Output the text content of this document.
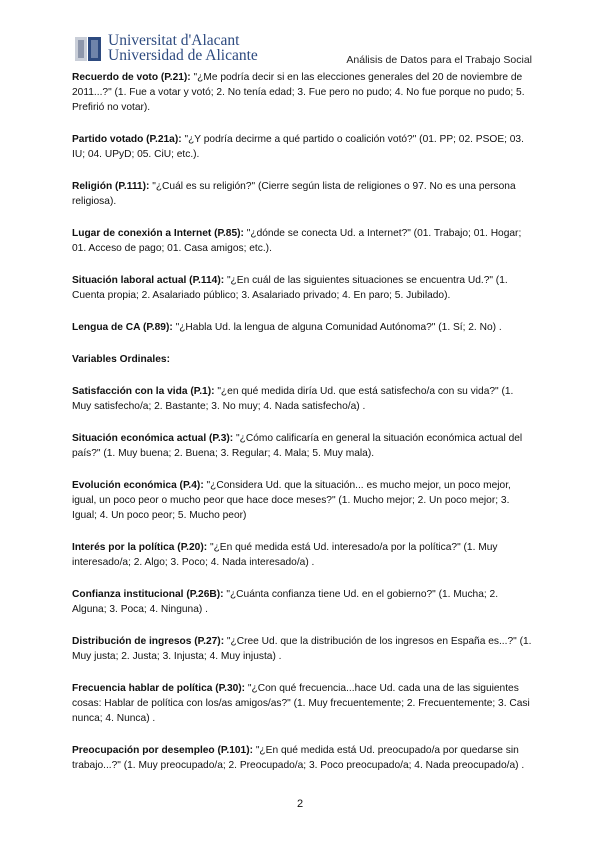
Universitat d'Alacant
Universidad de Alicante	Análisis de Datos para el Trabajo Social

Recuerdo de voto (P.21): "¿Me podría decir si en las elecciones generales del 20 de noviembre de 2011...?" (1. Fue a votar y votó; 2. No tenía edad; 3. Fue pero no pudo; 4. No fue porque no pudo; 5. Prefirió no votar).

Partido votado (P.21a): "¿Y podría decirme a qué partido o coalición votó?" (01. PP; 02. PSOE; 03. IU; 04. UPyD; 05. CiU; etc.).

Religión (P.111): "¿Cuál es su religión?" (Cierre según lista de religiones o 97. No es una persona religiosa).

Lugar de conexión a Internet (P.85): "¿dónde se conecta Ud. a Internet?" (01. Trabajo; 01. Hogar; 01. Acceso de pago; 01. Casa amigos; etc.).

Situación laboral actual (P.114): "¿En cuál de las siguientes situaciones se encuentra Ud.?" (1. Cuenta propia; 2. Asalariado público; 3. Asalariado privado; 4. En paro; 5. Jubilado).

Lengua de CA (P.89): "¿Habla Ud. la lengua de alguna Comunidad Autónoma?" (1. Sí; 2. No) .

Variables Ordinales:

Satisfacción con la vida (P.1): "¿en qué medida diría Ud. que está satisfecho/a con su vida?" (1. Muy satisfecho/a; 2. Bastante; 3. No muy; 4. Nada satisfecho/a) .

Situación económica actual (P.3): "¿Cómo calificaría en general la situación económica actual del país?" (1. Muy buena; 2. Buena; 3. Regular; 4. Mala; 5. Muy mala).

Evolución económica (P.4): "¿Considera Ud. que la situación... es mucho mejor, un poco mejor, igual, un poco peor o mucho peor que hace doce meses?" (1. Mucho mejor; 2. Un poco mejor; 3. Igual; 4. Un poco peor; 5. Mucho peor)

Interés por la política (P.20): "¿En qué medida está Ud. interesado/a por la política?" (1. Muy interesado/a; 2. Algo; 3. Poco; 4. Nada interesado/a) .

Confianza institucional (P.26B): "¿Cuánta confianza tiene Ud. en el gobierno?" (1. Mucha; 2. Alguna; 3. Poca; 4. Ninguna) .

Distribución de ingresos (P.27): "¿Cree Ud. que la distribución de los ingresos en España es...?" (1. Muy justa; 2. Justa; 3. Injusta; 4. Muy injusta) .

Frecuencia hablar de política (P.30): "¿Con qué frecuencia...hace Ud. cada una de las siguientes cosas: Hablar de política con los/as amigos/as?" (1. Muy frecuentemente; 2. Frecuentemente; 3. Casi nunca; 4. Nunca) .

Preocupación por desempleo (P.101): "¿En qué medida está Ud. preocupado/a por quedarse sin trabajo...?" (1. Muy preocupado/a; 2. Preocupado/a; 3. Poco preocupado/a; 4. Nada preocupado/a) .

2
